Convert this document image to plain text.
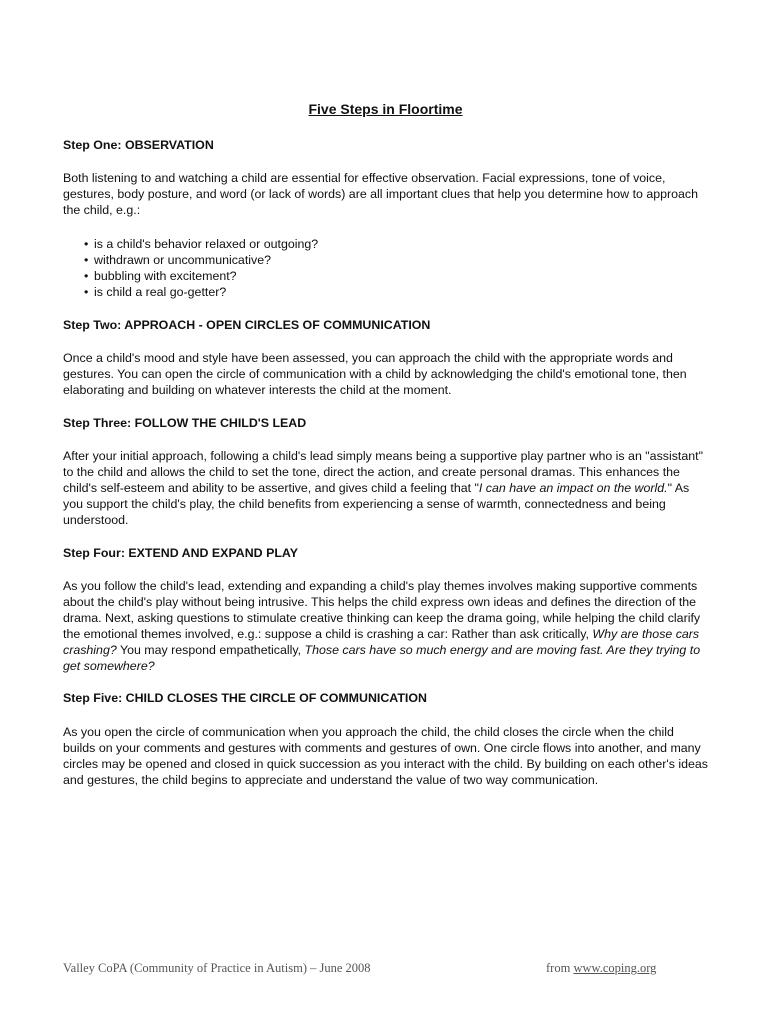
Five Steps in Floortime

Step One: OBSERVATION

Both listening to and watching a child are essential for effective observation. Facial expressions, tone of voice, gestures, body posture, and word (or lack of words) are all important clues that help you determine how to approach the child, e.g.:

• is a child's behavior relaxed or outgoing?
• withdrawn or uncommunicative?
• bubbling with excitement?
• is child a real go-getter?

Step Two: APPROACH - OPEN CIRCLES OF COMMUNICATION

Once a child's mood and style have been assessed, you can approach the child with the appropriate words and gestures. You can open the circle of communication with a child by acknowledging the child's emotional tone, then elaborating and building on whatever interests the child at the moment.

Step Three: FOLLOW THE CHILD'S LEAD

After your initial approach, following a child's lead simply means being a supportive play partner who is an "assistant" to the child and allows the child to set the tone, direct the action, and create personal dramas. This enhances the child's self-esteem and ability to be assertive, and gives child a feeling that "I can have an impact on the world." As you support the child's play, the child benefits from experiencing a sense of warmth, connectedness and being understood.

Step Four: EXTEND AND EXPAND PLAY

As you follow the child's lead, extending and expanding a child's play themes involves making supportive comments about the child's play without being intrusive. This helps the child express own ideas and defines the direction of the drama. Next, asking questions to stimulate creative thinking can keep the drama going, while helping the child clarify the emotional themes involved, e.g.: suppose a child is crashing a car: Rather than ask critically, Why are those cars crashing? You may respond empathetically, Those cars have so much energy and are moving fast. Are they trying to get somewhere?

Step Five: CHILD CLOSES THE CIRCLE OF COMMUNICATION

As you open the circle of communication when you approach the child, the child closes the circle when the child builds on your comments and gestures with comments and gestures of own. One circle flows into another, and many circles may be opened and closed in quick succession as you interact with the child. By building on each other's ideas and gestures, the child begins to appreciate and understand the value of two way communication.

Valley CoPA (Community of Practice in Autism) – June 2008	from www.coping.org
